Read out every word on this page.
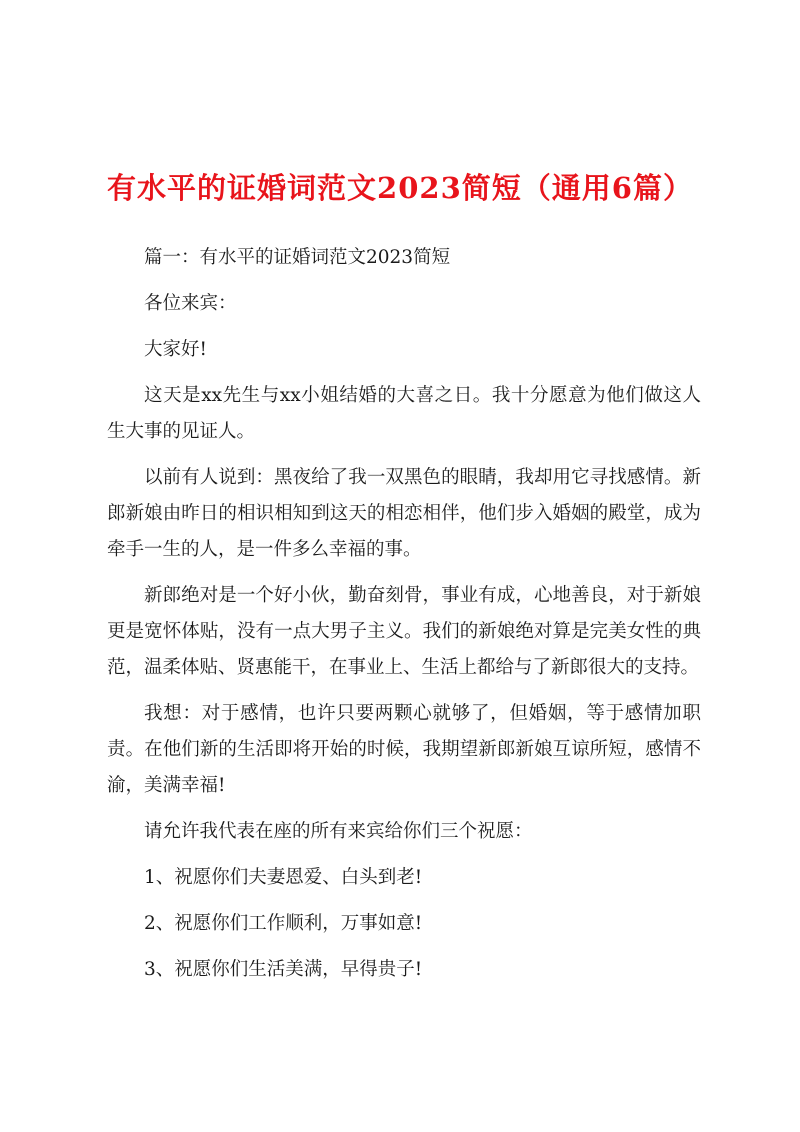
有水平的证婚词范文2023简短（通用6篇）

篇一：有水平的证婚词范文2023简短

各位来宾：

大家好!

这天是xx先生与xx小姐结婚的大喜之日。我十分愿意为他们做这人生大事的见证人。

以前有人说到：黑夜给了我一双黑色的眼睛，我却用它寻找感情。新郎新娘由昨日的相识相知到这天的相恋相伴，他们步入婚姻的殿堂，成为牵手一生的人，是一件多么幸福的事。

新郎绝对是一个好小伙，勤奋刻骨，事业有成，心地善良，对于新娘更是宽怀体贴，没有一点大男子主义。我们的新娘绝对算是完美女性的典范，温柔体贴、贤惠能干，在事业上、生活上都给与了新郎很大的支持。

我想：对于感情，也许只要两颗心就够了，但婚姻，等于感情加职责。在他们新的生活即将开始的时候，我期望新郎新娘互谅所短，感情不渝，美满幸福!

请允许我代表在座的所有来宾给你们三个祝愿：

1、祝愿你们夫妻恩爱、白头到老!

2、祝愿你们工作顺利，万事如意!

3、祝愿你们生活美满，早得贵子!
